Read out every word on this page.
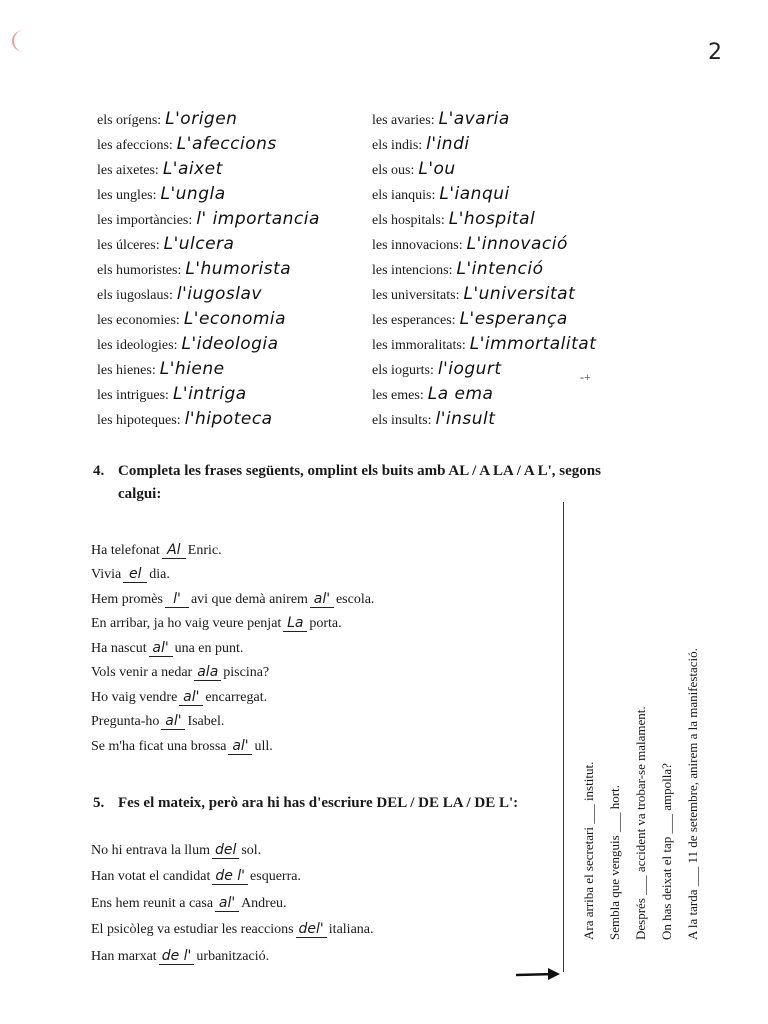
2
els orígens: L'origen
les afeccions: L'afeccions
les aixetes: L'aixet
les ungles: L'ungla
les importàncies: l' importancia
les úlceres: L'ulcera
els humoristes: L'humorista
els iugoslaus: l'iugoslav
les economies: L'economia
les ideologies: L'ideologia
les hienes: L'hiene
les intrigues: L'intriga
les hipoteques: l'hipoteca
les avaries: L'avaria
els indis: l'indi
els ous: L'ou
els ianquis: L'ianqui
els hospitals: L'hospital
les innovacions: L'innovació
les intencions: L'intenció
les universitats: L'universitat
les esperances: L'esperança
les immoralitats: L'immortalitat
els iogurts: l'iogurt
les emes: La ema
els insults: l'insult
4. Completa les frases següents, omplint els buits amb AL / A LA / A L', segons
calgui:
Ha telefonat Al Enric.
Vivia el dia.
Hem promès l' avi que demà anirem al' escola.
En arribar, ja ho vaig veure penjat La porta.
Ha nascut al' una en punt.
Vols venir a nedar ala piscina?
Ho vaig vendre al' encarregat.
Pregunta-ho al' Isabel.
Se m'ha ficat una brossa al' ull.
5. Fes el mateix, però ara hi has d'escriure DEL / DE LA / DE L':
No hi entrava la llum del sol.
Han votat el candidat de l' esquerra.
Ens hem reunit a casa al' Andreu.
El psicòleg va estudiar les reaccions del' italiana.
Han marxat de l' urbanització.
Ara arriba el secretari ___ institut. Sembla que venguis ___ hort. Després ___ accident va trobar-se malament. On has deixat el tap ___ ampolla? A la tarda ___ 11 de setembre, anirem a la manifestació.
-+
